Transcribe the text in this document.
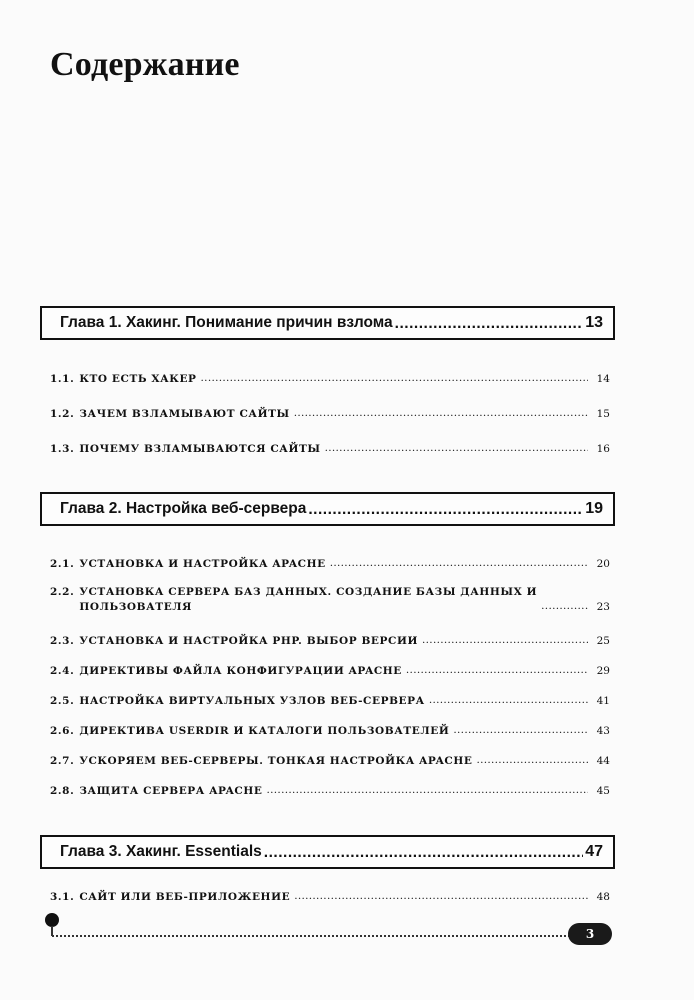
Содержание
Глава 1. Хакинг. Понимание причин взлома .....	13
1.1. КТО ЕСТЬ ХАКЕР .....	14
1.2. ЗАЧЕМ ВЗЛАМЫВАЮТ САЙТЫ .....	15
1.3. ПОЧЕМУ ВЗЛАМЫВАЮТСЯ САЙТЫ .....	16
Глава 2. Настройка веб-сервера .....	19
2.1. УСТАНОВКА И НАСТРОЙКА APACHE .....	20
2.2. УСТАНОВКА СЕРВЕРА БАЗ ДАННЫХ. СОЗДАНИЕ БАЗЫ ДАННЫХ И
ПОЛЬЗОВАТЕЛЯ .....	23
2.3. УСТАНОВКА И НАСТРОЙКА PHP. ВЫБОР ВЕРСИИ .....	25
2.4. ДИРЕКТИВЫ ФАЙЛА КОНФИГУРАЦИИ APACHE .....	29
2.5. НАСТРОЙКА ВИРТУАЛЬНЫХ УЗЛОВ ВЕБ-СЕРВЕРА .....	41
2.6. ДИРЕКТИВА USERDIR И КАТАЛОГИ ПОЛЬЗОВАТЕЛЕЙ .....	43
2.7. УСКОРЯЕМ ВЕБ-СЕРВЕРЫ. ТОНКАЯ НАСТРОЙКА APACHE .....	44
2.8. ЗАЩИТА СЕРВЕРА APACHE .....	45
Глава 3. Хакинг. Essentials .....	47
3.1. САЙТ ИЛИ ВЕБ-ПРИЛОЖЕНИЕ .....	48
3
